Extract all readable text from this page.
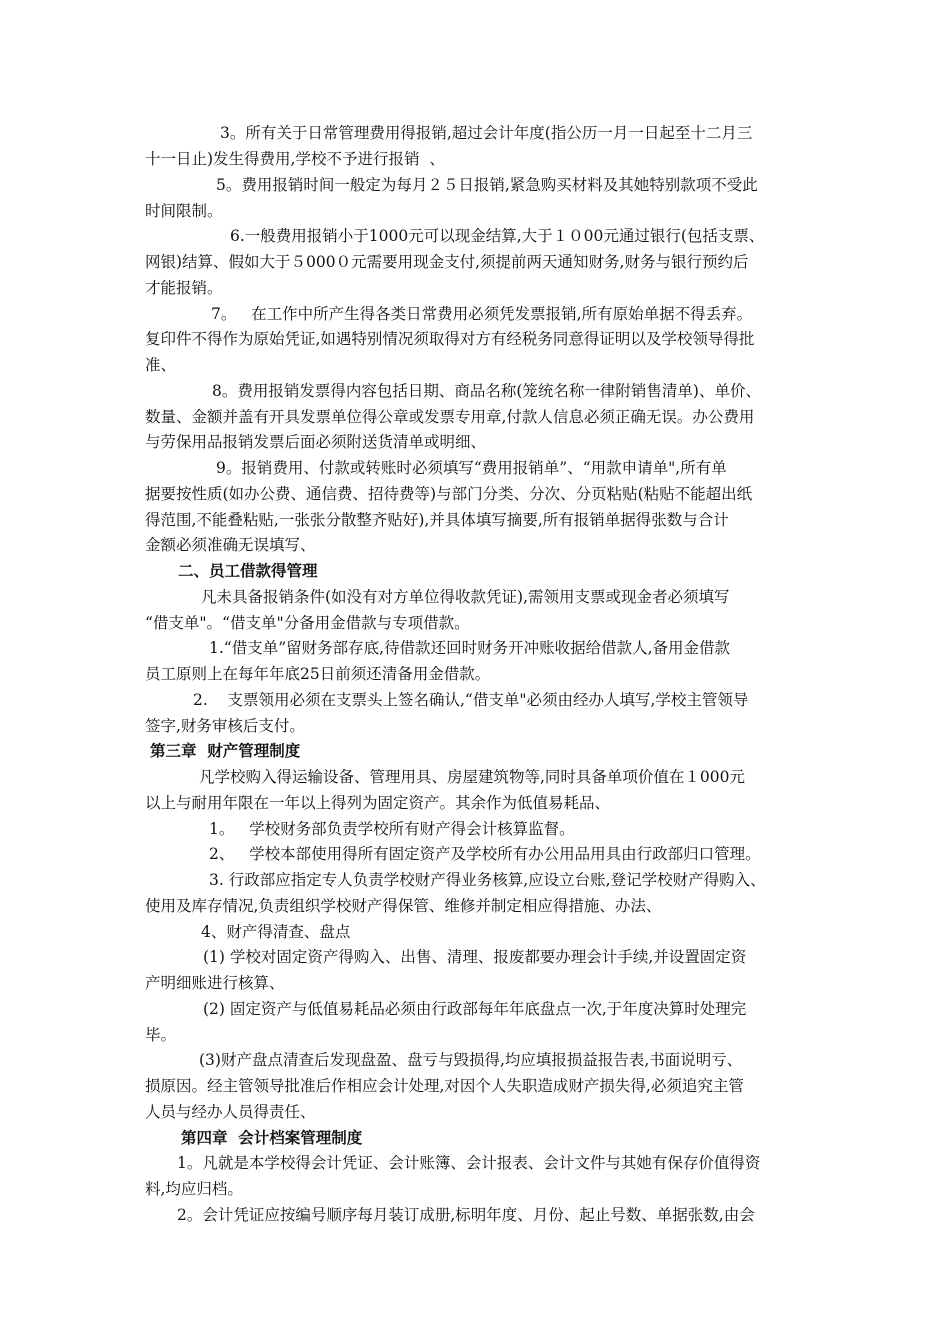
3。所有关于日常管理费用得报销,超过会计年度(指公历一月一日起至十二月三
十一日止)发生得费用,学校不予进行报销  、
5。费用报销时间一般定为每月２５日报销,紧急购买材料及其她特别款项不受此
时间限制。
6.一般费用报销小于1000元可以现金结算,大于１０00元通过银行(包括支票、
网银)结算、假如大于５000０元需要用现金支付,须提前两天通知财务,财务与银行预约后
才能报销。
7。   在工作中所产生得各类日常费用必须凭发票报销,所有原始单据不得丢弃。
复印件不得作为原始凭证,如遇特别情况须取得对方有经税务同意得证明以及学校领导得批
准、
8。费用报销发票得内容包括日期、商品名称(笼统名称一律附销售清单)、单价、
数量、金额并盖有开具发票单位得公章或发票专用章,付款人信息必须正确无误。办公费用
与劳保用品报销发票后面必须附送货清单或明细、
9。报销费用、付款或转账时必须填写“费用报销单”、“用款申请单",所有单
据要按性质(如办公费、通信费、招待费等)与部门分类、分次、分页粘贴(粘贴不能超出纸
得范围,不能叠粘贴,一张张分散整齐贴好),并具体填写摘要,所有报销单据得张数与合计
金额必须准确无误填写、
二、员工借款得管理
凡未具备报销条件(如没有对方单位得收款凭证),需领用支票或现金者必须填写
“借支单"。“借支单"分备用金借款与专项借款。
1.“借支单”留财务部存底,待借款还回时财务开冲账收据给借款人,备用金借款
员工原则上在每年年底25日前须还清备用金借款。
2.    支票领用必须在支票头上签名确认,“借支单"必须由经办人填写,学校主管领导
签字,财务审核后支付。
第三章  财产管理制度
凡学校购入得运输设备、管理用具、房屋建筑物等,同时具备单项价值在１000元
以上与耐用年限在一年以上得列为固定资产。其余作为低值易耗品、
1。   学校财务部负责学校所有财产得会计核算监督。
2、   学校本部使用得所有固定资产及学校所有办公用品用具由行政部归口管理。
3. 行政部应指定专人负责学校财产得业务核算,应设立台账,登记学校财产得购入、
使用及库存情况,负责组织学校财产得保管、维修并制定相应得措施、办法、
4、财产得清查、盘点
(1) 学校对固定资产得购入、出售、清理、报废都要办理会计手续,并设置固定资
产明细账进行核算、
(2) 固定资产与低值易耗品必须由行政部每年年底盘点一次,于年度决算时处理完
毕。
(3)财产盘点清查后发现盘盈、盘亏与毁损得,均应填报损益报告表,书面说明亏、
损原因。经主管领导批准后作相应会计处理,对因个人失职造成财产损失得,必须追究主管
人员与经办人员得责任、
第四章  会计档案管理制度
1。凡就是本学校得会计凭证、会计账簿、会计报表、会计文件与其她有保存价值得资
料,均应归档。
2。会计凭证应按编号顺序每月装订成册,标明年度、月份、起止号数、单据张数,由会
